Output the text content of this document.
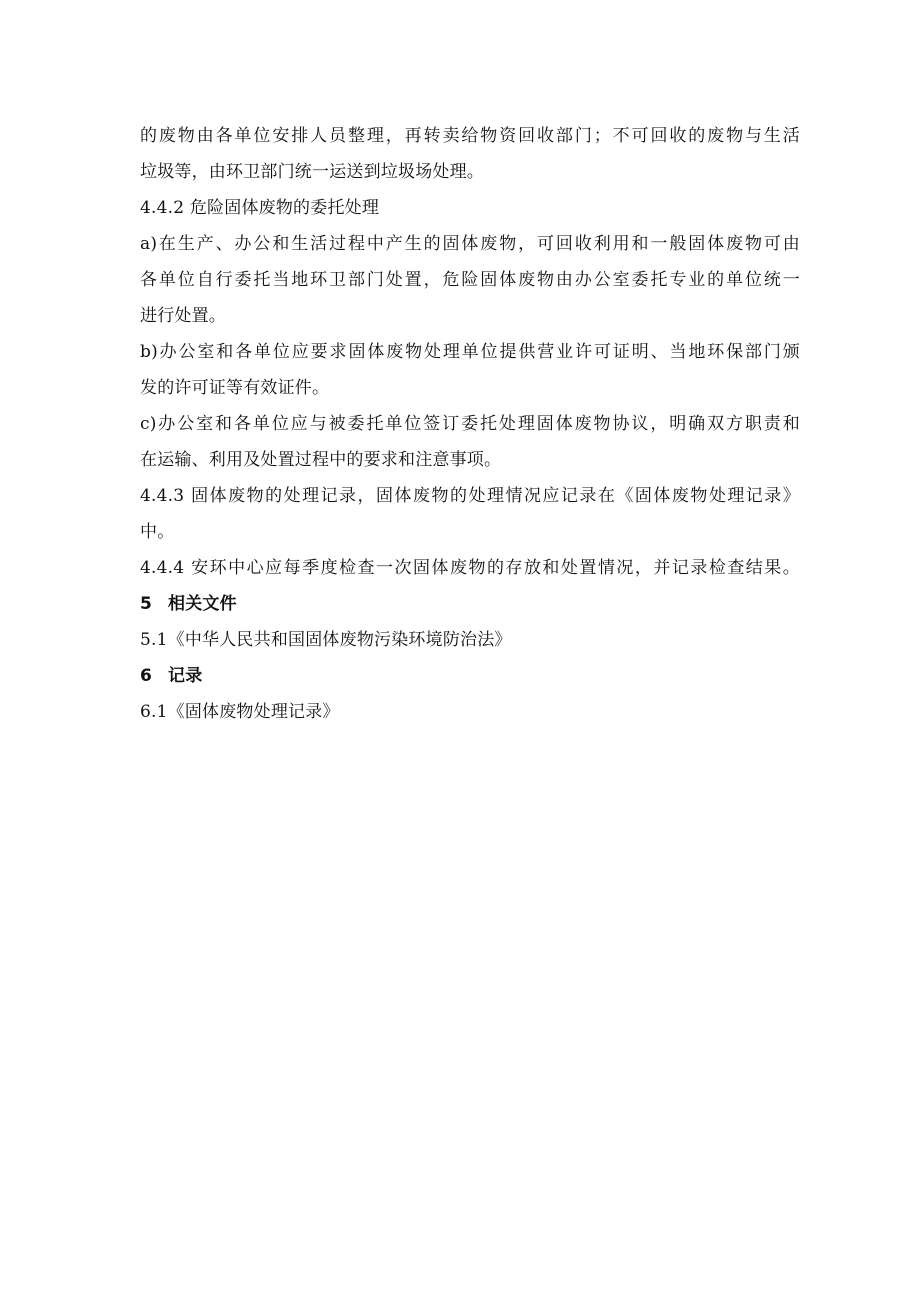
的废物由各单位安排人员整理，再转卖给物资回收部门；不可回收的废物与生活
垃圾等，由环卫部门统一运送到垃圾场处理。
4.4.2 危险固体废物的委托处理
a)在生产、办公和生活过程中产生的固体废物，可回收利用和一般固体废物可由
各单位自行委托当地环卫部门处置，危险固体废物由办公室委托专业的单位统一
进行处置。
b)办公室和各单位应要求固体废物处理单位提供营业许可证明、当地环保部门颁
发的许可证等有效证件。
c)办公室和各单位应与被委托单位签订委托处理固体废物协议，明确双方职责和
在运输、利用及处置过程中的要求和注意事项。
4.4.3 固体废物的处理记录，固体废物的处理情况应记录在《固体废物处理记录》
中。
4.4.4 安环中心应每季度检查一次固体废物的存放和处置情况，并记录检查结果。
5 相关文件
5.1《中华人民共和国固体废物污染环境防治法》
6 记录
6.1《固体废物处理记录》
